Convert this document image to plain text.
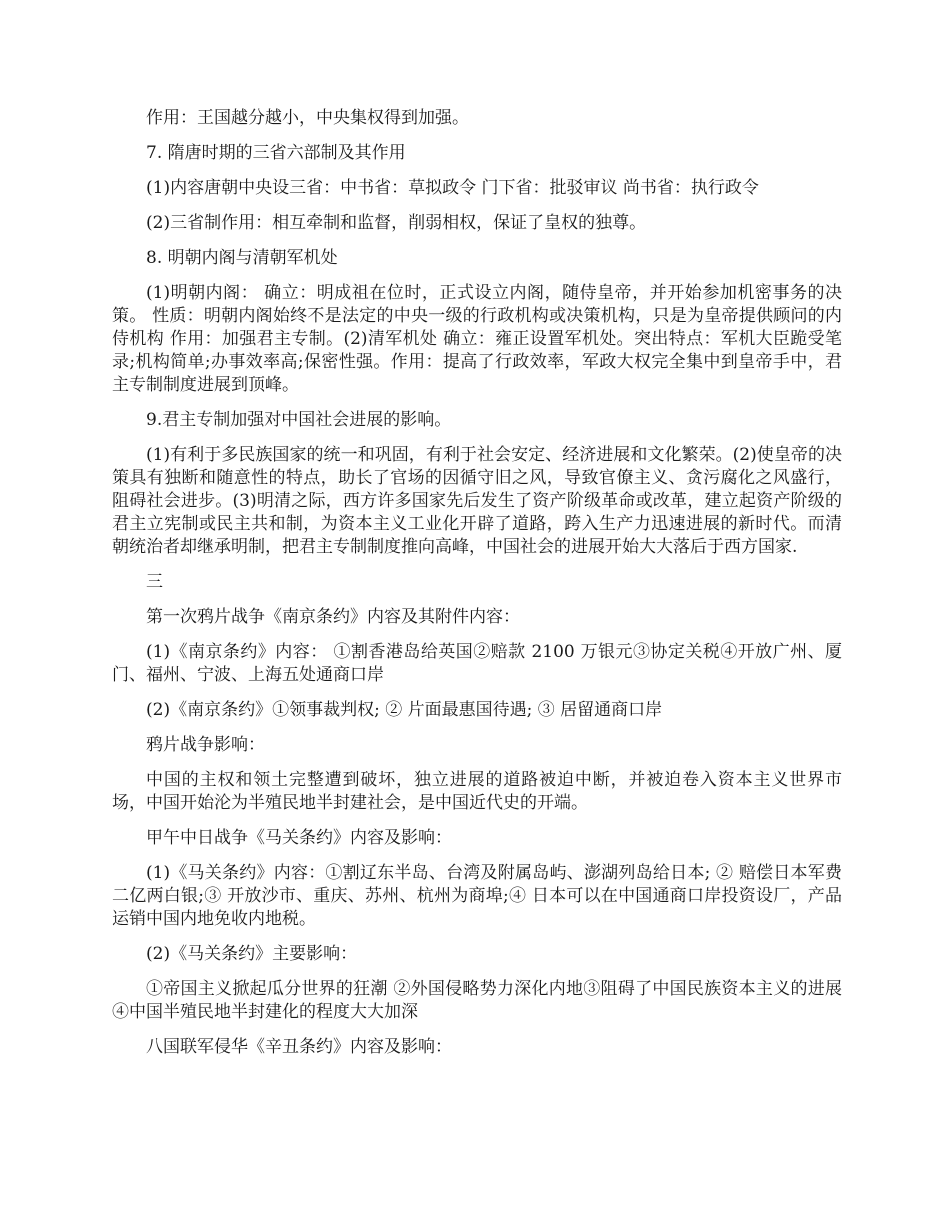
作用：王国越分越小，中央集权得到加强。

7. 隋唐时期的三省六部制及其作用

(1)内容唐朝中央设三省：中书省：草拟政令 门下省：批驳审议 尚书省：执行政令

(2)三省制作用：相互牵制和监督，削弱相权，保证了皇权的独尊。

8. 明朝内阁与清朝军机处

(1)明朝内阁： 确立：明成祖在位时，正式设立内阁，随侍皇帝，并开始参加机密事务的决策。 性质：明朝内阁始终不是法定的中央一级的行政机构或决策机构，只是为皇帝提供顾问的内侍机构 作用：加强君主专制。(2)清军机处 确立：雍正设置军机处。突出特点：军机大臣跪受笔录;机构简单;办事效率高;保密性强。作用：提高了行政效率，军政大权完全集中到皇帝手中，君主专制制度进展到顶峰。

9.君主专制加强对中国社会进展的影响。

(1)有利于多民族国家的统一和巩固，有利于社会安定、经济进展和文化繁荣。(2)使皇帝的决策具有独断和随意性的特点，助长了官场的因循守旧之风，导致官僚主义、贪污腐化之风盛行，阻碍社会进步。(3)明清之际，西方许多国家先后发生了资产阶级革命或改革，建立起资产阶级的君主立宪制或民主共和制，为资本主义工业化开辟了道路，跨入生产力迅速进展的新时代。而清朝统治者却继承明制，把君主专制制度推向高峰，中国社会的进展开始大大落后于西方国家.

三

第一次鸦片战争《南京条约》内容及其附件内容：

(1)《南京条约》内容： ①割香港岛给英国②赔款 2100 万银元③协定关税④开放广州、厦门、福州、宁波、上海五处通商口岸

(2)《南京条约》①领事裁判权; ② 片面最惠国待遇; ③ 居留通商口岸

鸦片战争影响：

中国的主权和领土完整遭到破坏，独立进展的道路被迫中断，并被迫卷入资本主义世界市场，中国开始沦为半殖民地半封建社会，是中国近代史的开端。

甲午中日战争《马关条约》内容及影响：

(1)《马关条约》内容：①割辽东半岛、台湾及附属岛屿、澎湖列岛给日本; ② 赔偿日本军费二亿两白银;③ 开放沙市、重庆、苏州、杭州为商埠;④ 日本可以在中国通商口岸投资设厂，产品运销中国内地免收内地税。

(2)《马关条约》主要影响：

①帝国主义掀起瓜分世界的狂潮 ②外国侵略势力深化内地③阻碍了中国民族资本主义的进展 ④中国半殖民地半封建化的程度大大加深

八国联军侵华《辛丑条约》内容及影响：
